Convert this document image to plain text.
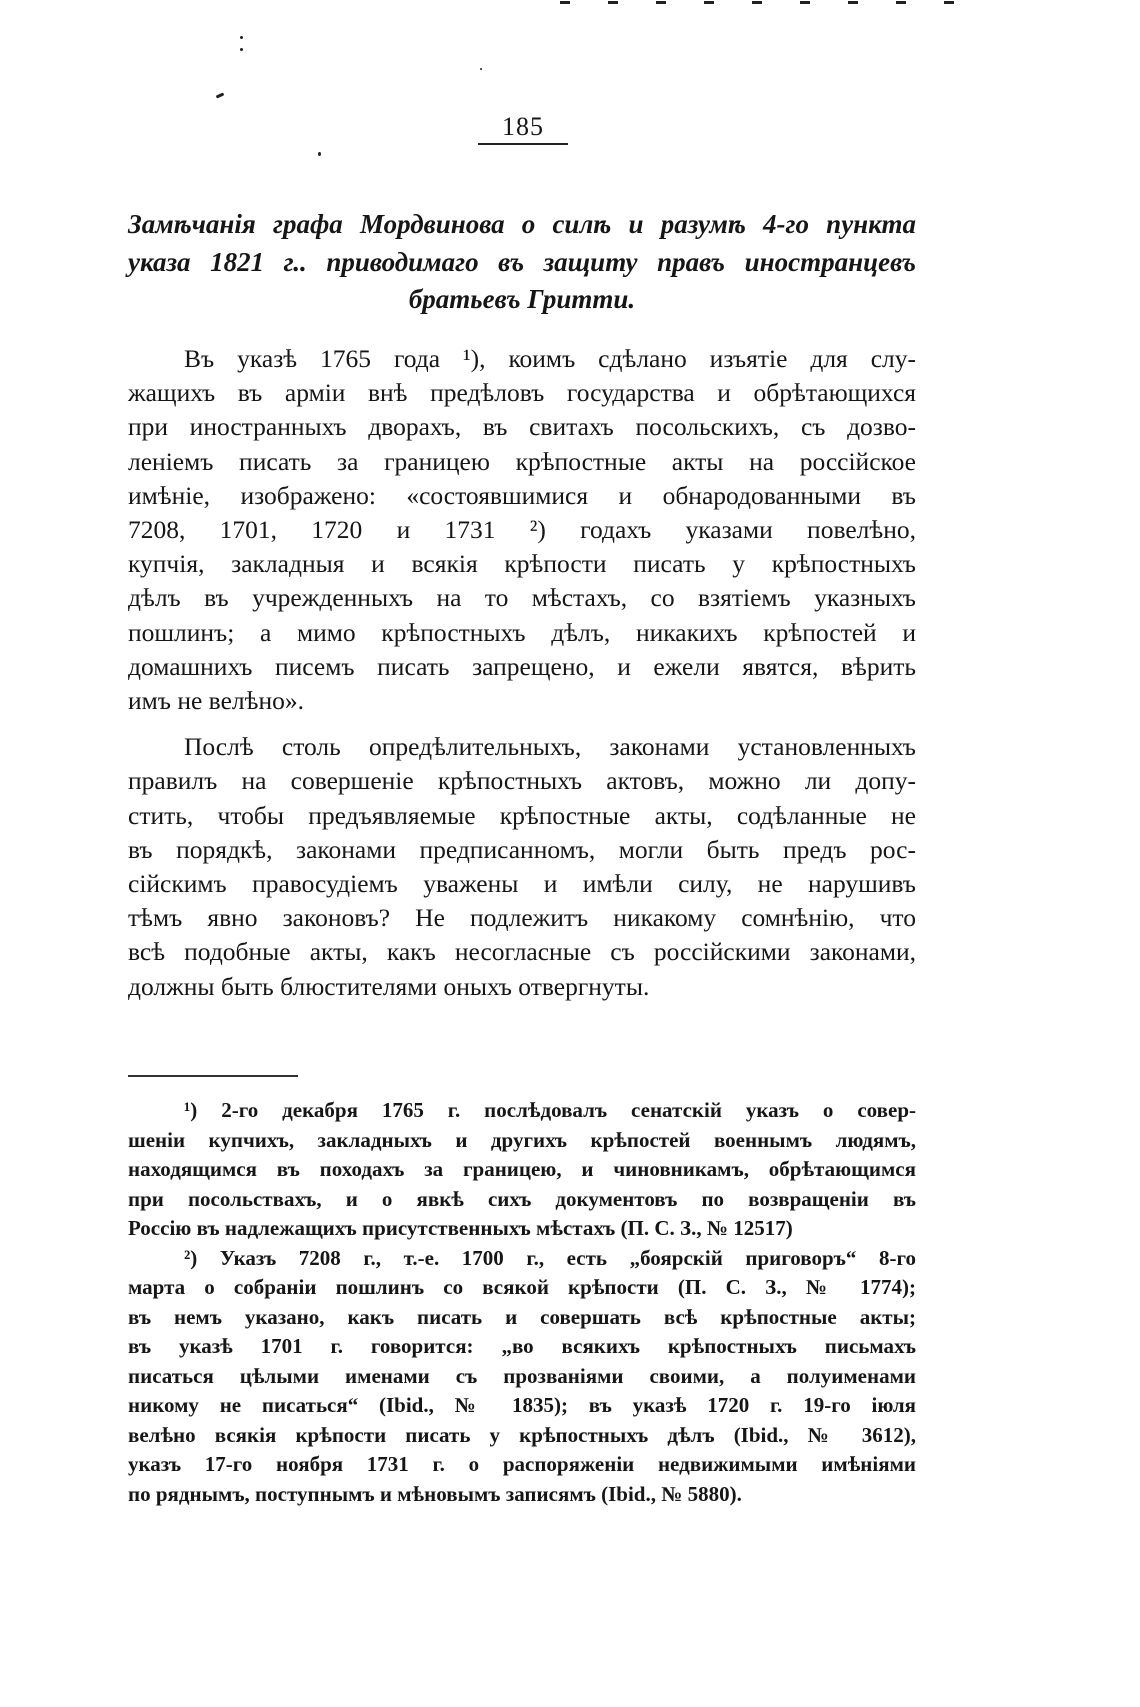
185
Замѣчанія графа Мордвинова о силѣ и разумѣ 4-го пункта
указа 1821 г.. приводимаго въ защиту правъ иностранцевъ
братьевъ Гритти.
Въ указѣ 1765 года ¹), коимъ сдѣлано изъятіе для слу-
жащихъ въ арміи внѣ предѣловъ государства и обрѣтающихся
при иностранныхъ дворахъ, въ свитахъ посольскихъ, съ дозво-
леніемъ писать за границею крѣпостные акты на россійское
имѣніе, изображено: «состоявшимися и обнародованными въ
7208, 1701, 1720 и 1731 ²) годахъ указами повелѣно,
купчія, закладныя и всякія крѣпости писать у крѣпостныхъ
дѣлъ въ учрежденныхъ на то мѣстахъ, со взятіемъ указныхъ
пошлинъ; а мимо крѣпостныхъ дѣлъ, никакихъ крѣпостей и
домашнихъ писемъ писать запрещено, и ежели явятся, вѣрить
имъ не велѣно».
Послѣ столь опредѣлительныхъ, законами установленныхъ
правилъ на совершеніе крѣпостныхъ актовъ, можно ли допу-
стить, чтобы предъявляемые крѣпостные акты, содѣланные не
въ порядкѣ, законами предписанномъ, могли быть предъ рос-
сійскимъ правосудіемъ уважены и имѣли силу, не нарушивъ
тѣмъ явно законовъ? Не подлежитъ никакому сомнѣнію, что
всѣ подобные акты, какъ несогласные съ россійскими законами,
должны быть блюстителями оныхъ отвергнуты.
¹) 2-го декабря 1765 г. послѣдовалъ сенатскій указъ о совер-
шеніи купчихъ, закладныхъ и другихъ крѣпостей военнымъ людямъ,
находящимся въ походахъ за границею, и чиновникамъ, обрѣтающимся
при посольствахъ, и о явкѣ сихъ документовъ по возвращеніи въ
Россію въ надлежащихъ присутственныхъ мѣстахъ (П. С. З., № 12517)
²) Указъ 7208 г., т.-е. 1700 г., есть „боярскій приговоръ“ 8-го
марта о собраніи пошлинъ со всякой крѣпости (П. С. З., № 1774);
въ немъ указано, какъ писать и совершать всѣ крѣпостные акты;
въ указѣ 1701 г. говорится: „во всякихъ крѣпостныхъ письмахъ
писаться цѣлыми именами съ прозваніями своими, а полуименами
никому не писаться“ (Ibid., № 1835); въ указѣ 1720 г. 19-го іюля
велѣно всякія крѣпости писать у крѣпостныхъ дѣлъ (Ibid., № 3612),
указъ 17-го ноября 1731 г. о распоряженіи недвижимыми имѣніями
по ряднымъ, поступнымъ и мѣновымъ записямъ (Ibid., № 5880).
